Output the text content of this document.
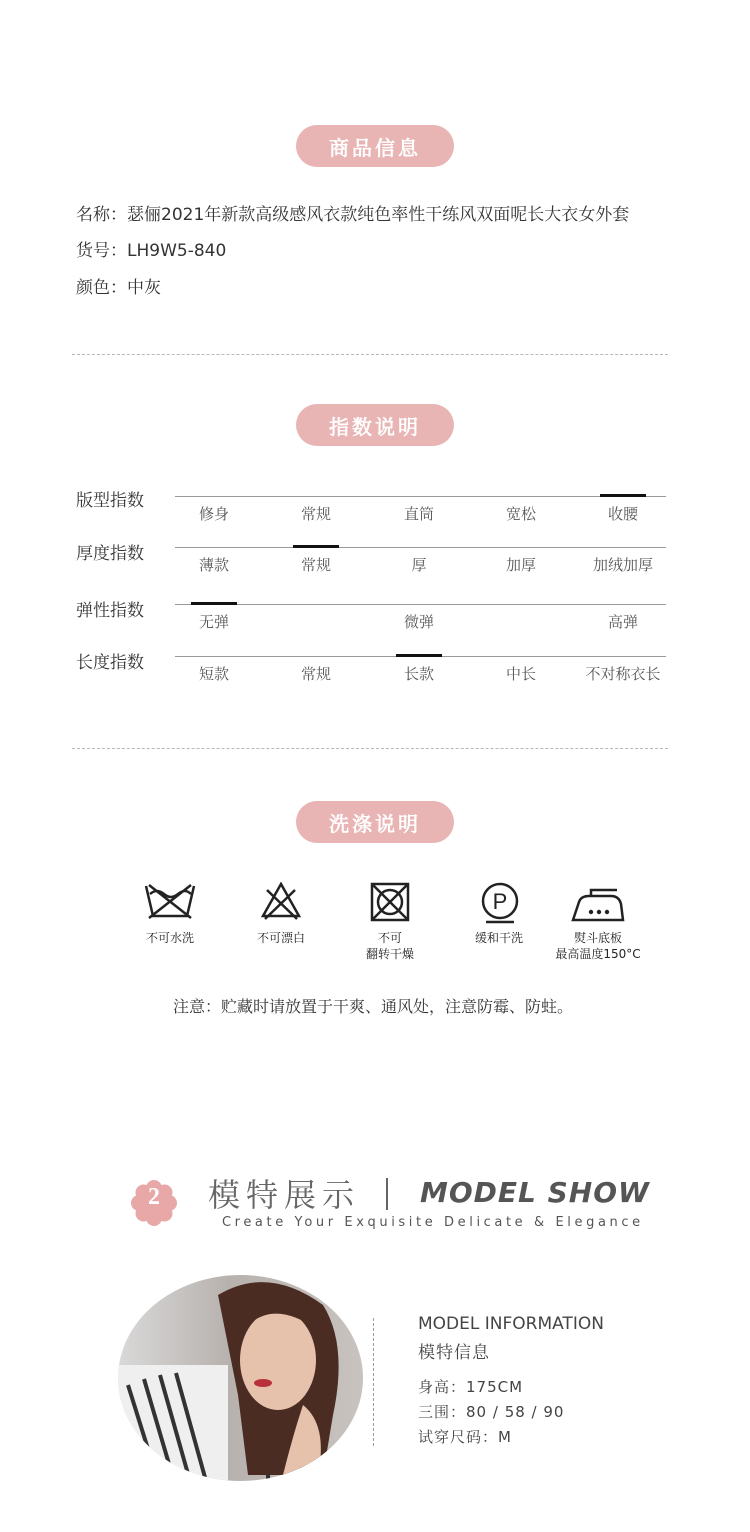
商品信息
名称：瑟俪2021年新款高级感风衣款纯色率性干练风双面呢长大衣女外套
货号：LH9W5-840
颜色：中灰
指数说明
版型指数
修身	常规	直筒	宽松	收腰
厚度指数
薄款	常规	厚	加厚	加绒加厚
弹性指数
无弹	微弹	高弹
长度指数
短款	常规	长款	中长	不对称衣长
洗涤说明
P
不可水洗	不可漂白	不可
翻转干燥
缓和干洗	熨斗底板
最高温度150°C
注意：贮藏时请放置于干爽、通风处，注意防霉、防蛀。
2	模特展示 MODEL SHOW
Create Your Exquisite Delicate & Elegance
MODEL INFORMATION
模特信息
身高：175CM
三围：80 / 58 / 90
试穿尺码：M
